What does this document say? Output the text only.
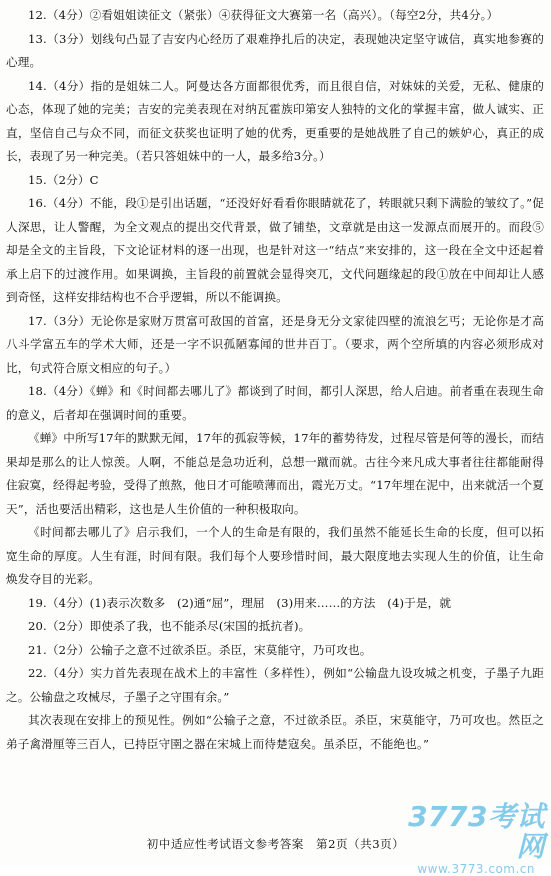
12.（4分）②看姐姐读征文（紧张）④获得征文大赛第一名（高兴）。（每空2分，共4分。）

13.（3分）划线句凸显了吉安内心经历了艰难挣扎后的决定，表现她决定坚守诚信，真实地参赛的心理。

14.（4分）指的是姐妹二人。阿曼达各方面都很优秀，而且很自信，对妹妹的关爱，无私、健康的心态，体现了她的完美；吉安的完美表现在对纳瓦霍族印第安人独特的文化的掌握丰富，做人诚实、正直，坚信自己与众不同，而征文获奖也证明了她的优秀，更重要的是她战胜了自己的嫉妒心，真正的成长，表现了另一种完美。（若只答姐妹中的一人，最多给3分。）

15.（2分）C

16.（4分）不能，段①是引出话题，“还没好好看看你眼睛就花了，转眼就只剩下满脸的皱纹了。”促人深思，让人警醒，为全文观点的提出交代背景，做了铺垫，文章就是由这一发源点而展开的。而段⑤却是全文的主旨段，下文论证材料的逐一出现，也是针对这一“结点”来安排的，这一段在全文中还起着承上启下的过渡作用。如果调换，主旨段的前置就会显得突兀，文代问题缘起的段①放在中间却让人感到奇怪，这样安排结构也不合乎逻辑，所以不能调换。

17.（3分）无论你是家财万贯富可敌国的首富，还是身无分文家徒四壁的流浪乞丐；无论你是才高八斗学富五车的学术大师，还是一字不识孤陋寡闻的世井百丁。（要求，两个空所填的内容必须形成对比，句式符合原文相应的句子。）

18.（4分）《蝉》和《时间都去哪儿了》都谈到了时间，都引人深思，给人启迪。前者重在表现生命的意义，后者却在强调时间的重要。

《蝉》中所写17年的默默无闻，17年的孤寂等候，17年的蓄势待发，过程尽管是何等的漫长，而结果却是那么的让人惊羡。人啊，不能总是急功近利，总想一蹴而就。古往今来凡成大事者往往都能耐得住寂寞，经得起考验，受得了煎熬，他日才可能喷薄而出，霞光万丈。“17年埋在泥中，出来就活一个夏天”，活也要活出精彩，这也是人生价值的一种积极取向。

《时间都去哪儿了》启示我们，一个人的生命是有限的，我们虽然不能延长生命的长度，但可以拓宽生命的厚度。人生有涯，时间有限。我们每个人要珍惜时间，最大限度地去实现人生的价值，让生命焕发夺目的光彩。

19.（4分）(1)表示次数多　(2)通“屈”，理屈　(3)用来……的方法　(4)于是，就

20.（2分）即使杀了我，也不能杀尽(宋国的抵抗者)。

21.（2分）公输子之意不过欲杀臣。杀臣，宋莫能守，乃可攻也。

22.（4分）实力首先表现在战术上的丰富性（多样性），例如“公输盘九设攻城之机变，子墨子九距之。公输盘之攻械尽，子墨子之守围有余。”

其次表现在安排上的预见性。例如“公输子之意，不过欲杀臣。杀臣，宋莫能守，乃可攻也。然臣之弟子禽滑厘等三百人，已持臣守圉之器在宋城上而待楚寇矣。虽杀臣，不能绝也。”

初中适应性考试语文参考答案　第2页（共3页）
3773考试网
www.3773.com.cn
